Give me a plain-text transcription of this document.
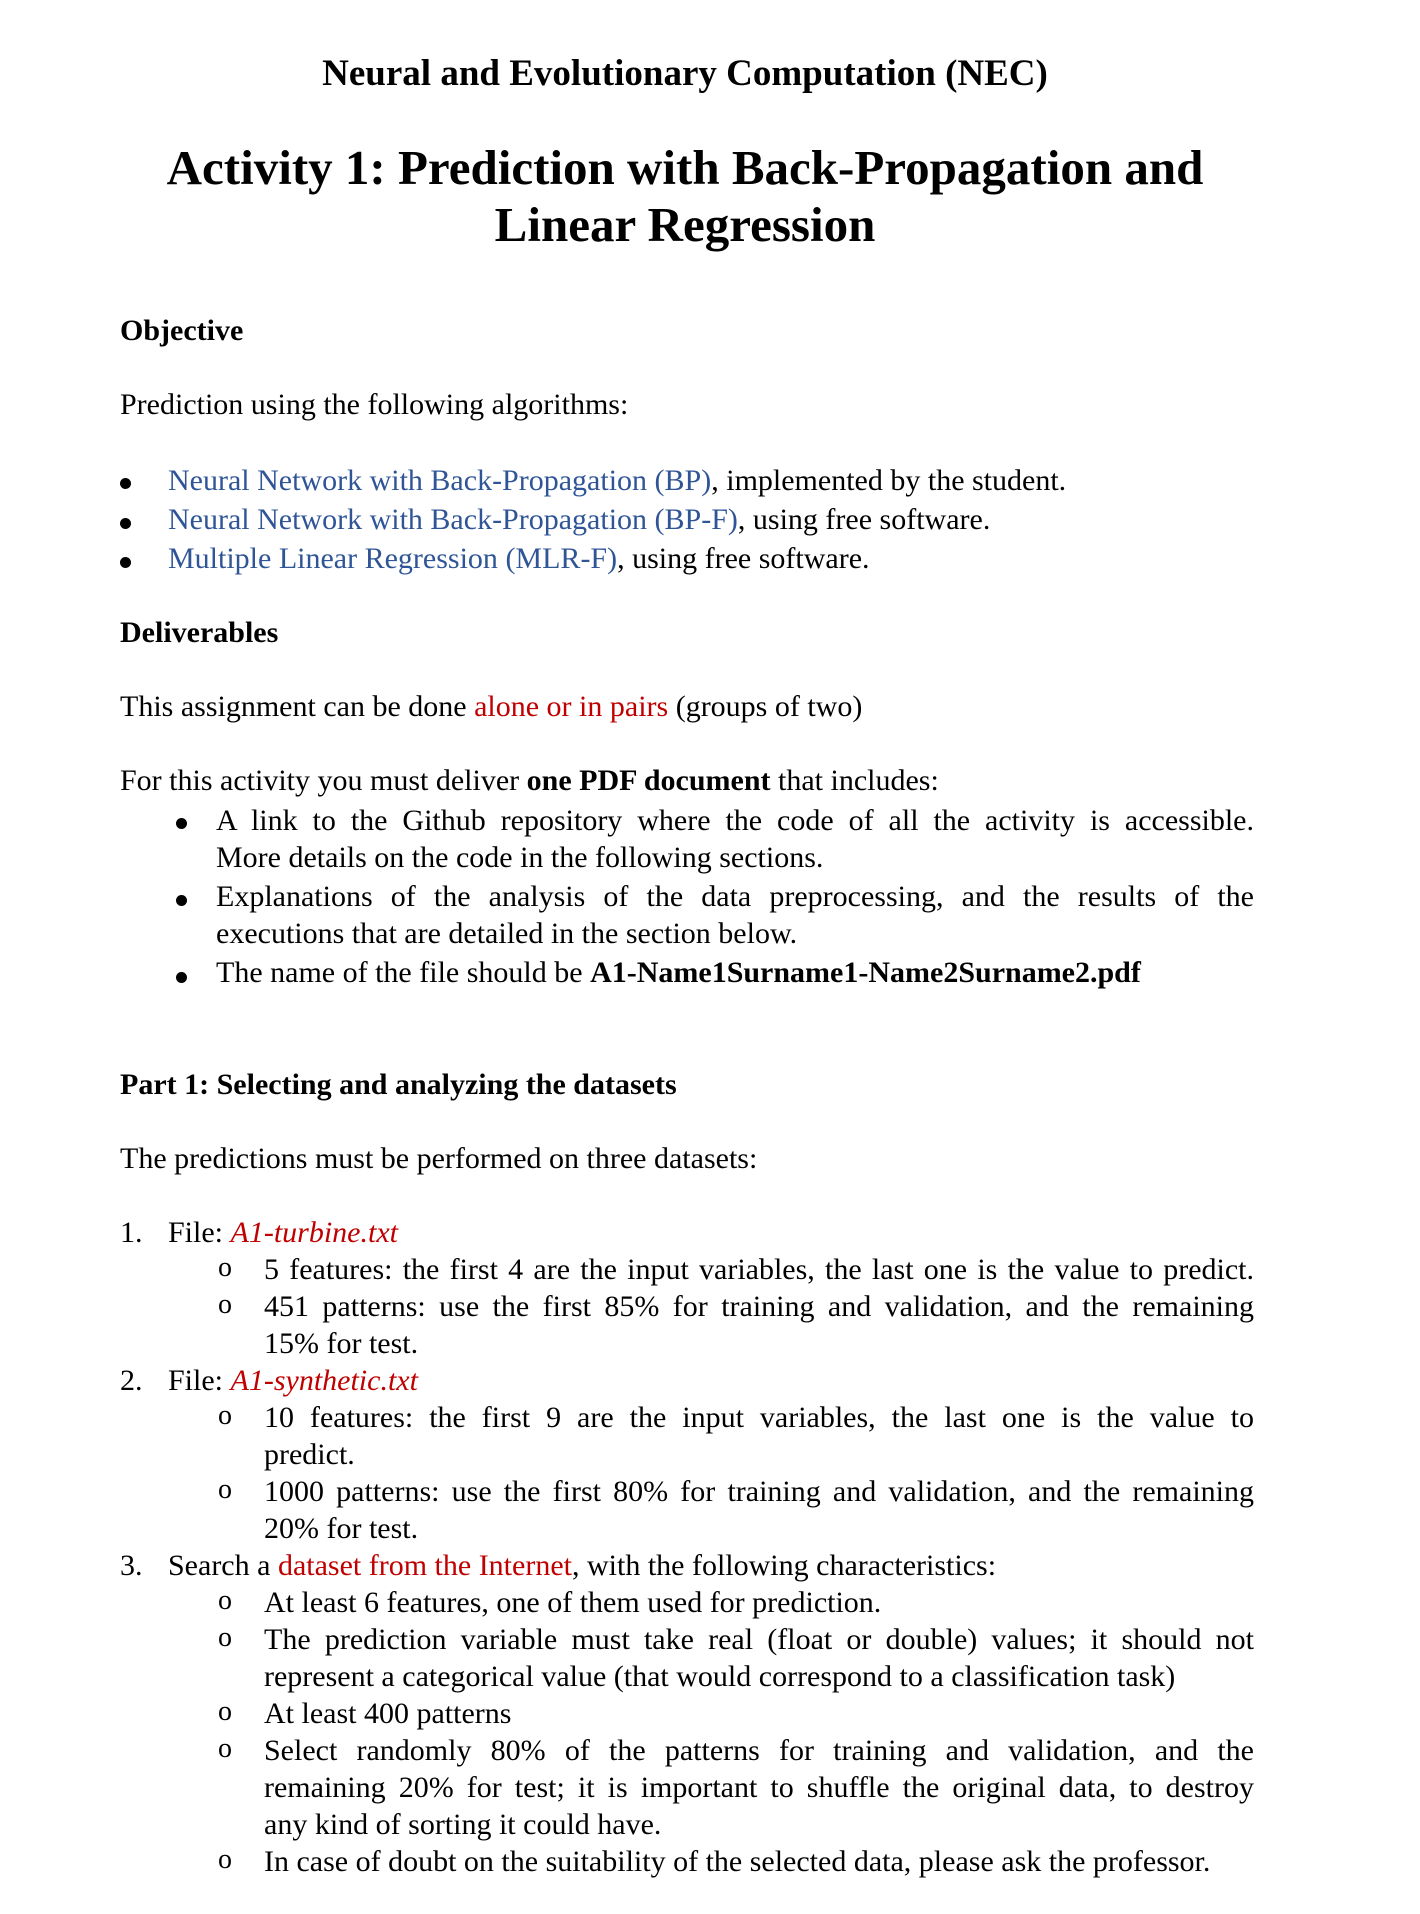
Neural and Evolutionary Computation (NEC)
Activity 1: Prediction with Back-Propagation and
Linear Regression
Objective
Prediction using the following algorithms:
Neural Network with Back-Propagation (BP), implemented by the student.
Neural Network with Back-Propagation (BP-F), using free software.
Multiple Linear Regression (MLR-F), using free software.
Deliverables
This assignment can be done alone or in pairs (groups of two)
For this activity you must deliver one PDF document that includes:
A link to the Github repository where the code of all the activity is accessible.
More details on the code in the following sections.
Explanations of the analysis of the data preprocessing, and the results of the
executions that are detailed in the section below.
The name of the file should be A1-Name1Surname1-Name2Surname2.pdf
Part 1: Selecting and analyzing the datasets
The predictions must be performed on three datasets:
1. File: A1-turbine.txt
o 5 features: the first 4 are the input variables, the last one is the value to predict.
o 451 patterns: use the first 85% for training and validation, and the remaining
15% for test.
2. File: A1-synthetic.txt
o 10 features: the first 9 are the input variables, the last one is the value to
predict.
o 1000 patterns: use the first 80% for training and validation, and the remaining
20% for test.
3. Search a dataset from the Internet, with the following characteristics:
o At least 6 features, one of them used for prediction.
o The prediction variable must take real (float or double) values; it should not
represent a categorical value (that would correspond to a classification task)
o At least 400 patterns
o Select randomly 80% of the patterns for training and validation, and the
remaining 20% for test; it is important to shuffle the original data, to destroy
any kind of sorting it could have.
o In case of doubt on the suitability of the selected data, please ask the professor.
